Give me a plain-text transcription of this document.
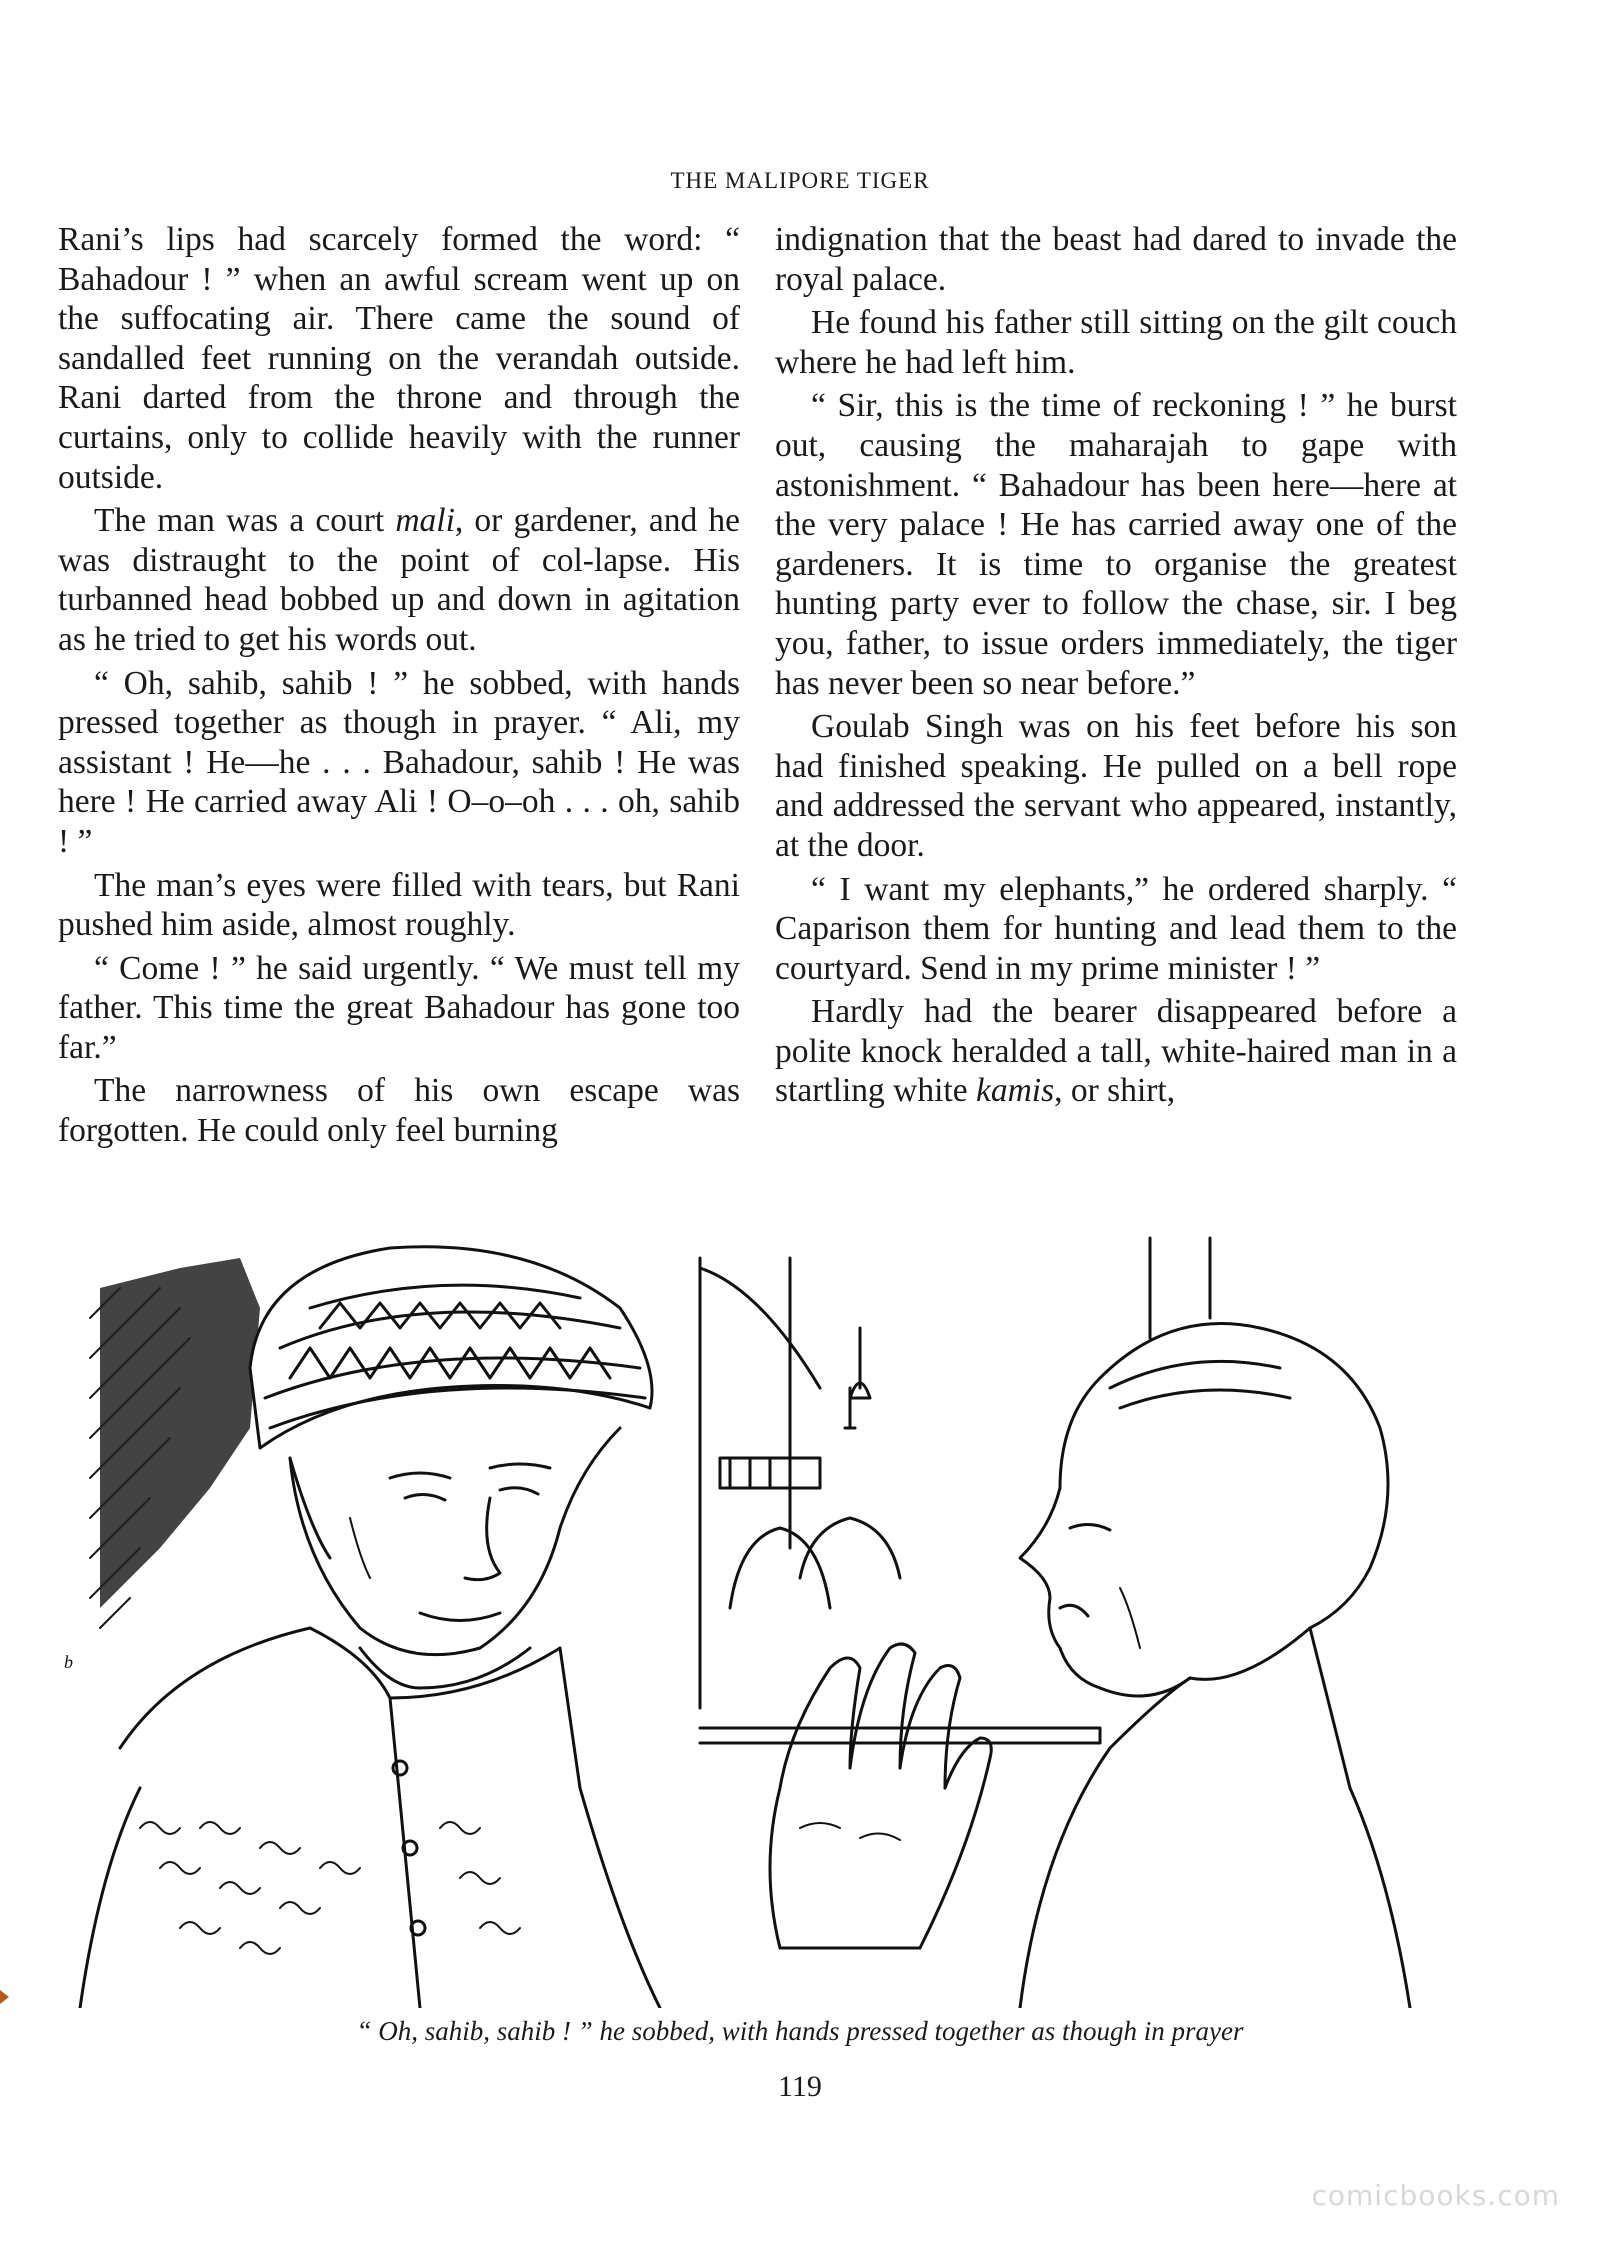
THE MALIPORE TIGER

Rani’s lips had scarcely formed the word: “ Bahadour ! ” when an awful scream went up on the suffocating air. There came the sound of sandalled feet running on the verandah outside. Rani darted from the throne and through the curtains, only to collide heavily with the runner outside.

The man was a court mali, or gardener, and he was distraught to the point of col-lapse. His turbanned head bobbed up and down in agitation as he tried to get his words out.

“ Oh, sahib, sahib ! ” he sobbed, with hands pressed together as though in prayer. “ Ali, my assistant ! He—he . . . Bahadour, sahib ! He was here ! He carried away Ali ! O–o–oh . . . oh, sahib ! ”

The man’s eyes were filled with tears, but Rani pushed him aside, almost roughly.

“ Come ! ” he said urgently. “ We must tell my father. This time the great Bahadour has gone too far.”

The narrowness of his own escape was forgotten. He could only feel burning

indignation that the beast had dared to invade the royal palace.

He found his father still sitting on the gilt couch where he had left him.

“ Sir, this is the time of reckoning ! ” he burst out, causing the maharajah to gape with astonishment. “ Bahadour has been here—here at the very palace ! He has carried away one of the gardeners. It is time to organise the greatest hunting party ever to follow the chase, sir. I beg you, father, to issue orders immediately, the tiger has never been so near before.”

Goulab Singh was on his feet before his son had finished speaking. He pulled on a bell rope and addressed the servant who appeared, instantly, at the door.

“ I want my elephants,” he ordered sharply. “ Caparison them for hunting and lead them to the courtyard. Send in my prime minister ! ”

Hardly had the bearer disappeared before a polite knock heralded a tall, white-haired man in a startling white kamis, or shirt,

b
“ Oh, sahib, sahib ! ” he sobbed, with hands pressed together as though in prayer
119
comicbooks.com
